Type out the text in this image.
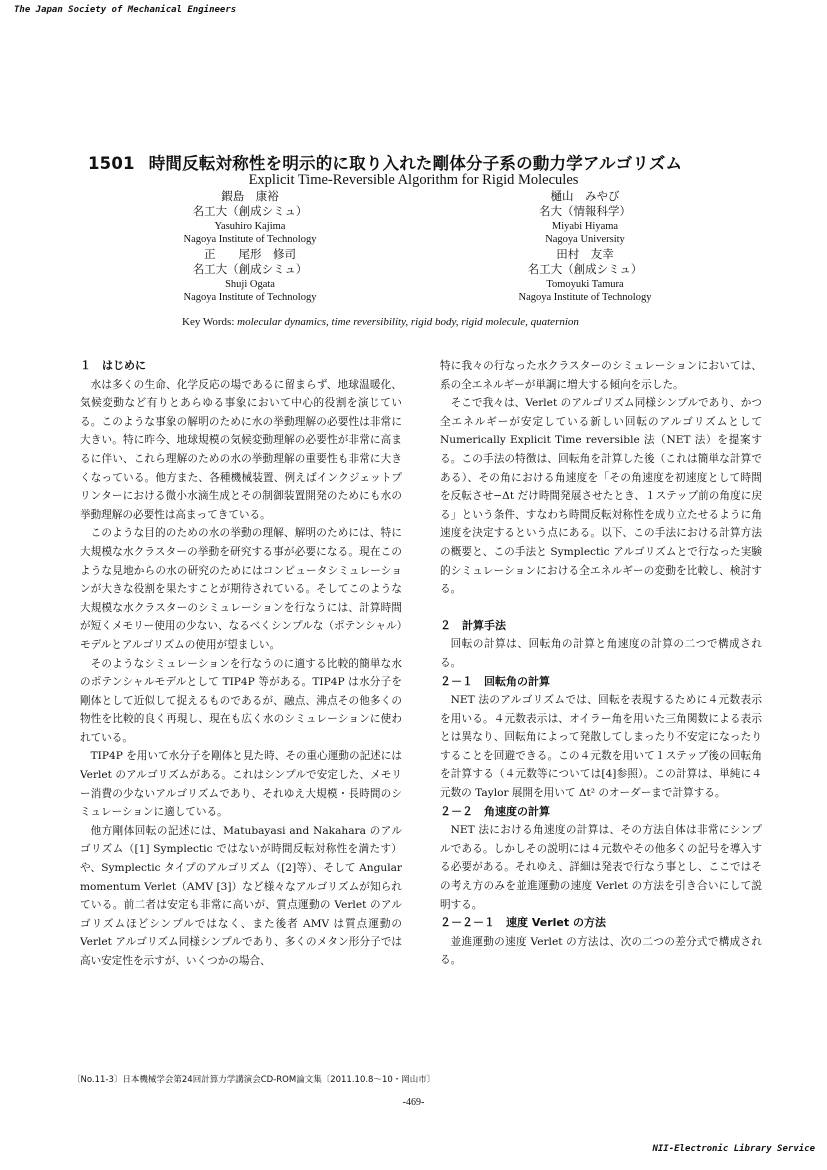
The Japan Society of Mechanical Engineers
1501 時間反転対称性を明示的に取り入れた剛体分子系の動力学アルゴリズム
Explicit Time-Reversible Algorithm for Rigid Molecules
鍜島　康裕
名工大（創成シミュ）
Yasuhiro Kajima
Nagoya Institute of Technology
正　　尾形　修司
名工大（創成シミュ）
Shuji Ogata
Nagoya Institute of Technology
樋山　みやび
名大（情報科学）
Miyabi Hiyama
Nagoya University
田村　友幸
名工大（創成シミュ）
Tomoyuki Tamura
Nagoya Institute of Technology
Key Words: molecular dynamics, time reversibility, rigid body, rigid molecule, quaternion
１　はじめに

水は多くの生命、化学反応の場であるに留まらず、地球温暖化、気候変動など有りとあらゆる事象において中心的役割を演じている。このような事象の解明のために水の挙動理解の必要性は非常に大きい。特に昨今、地球規模の気候変動理解の必要性が非常に高まるに伴い、これら理解のための水の挙動理解の重要性も非常に大きくなっている。他方また、各種機械装置、例えばインクジェットプリンターにおける微小水滴生成とその制御装置開発のためにも水の挙動理解の必要性は高まってきている。

このような目的のための水の挙動の理解、解明のためには、特に大規模な水クラスターの挙動を研究する事が必要になる。現在このような見地からの水の研究のためにはコンピュータシミュレーションが大きな役割を果たすことが期待されている。そしてこのような大規模な水クラスターのシミュレーションを行なうには、計算時間が短くメモリー使用の少ない、なるべくシンプルな（ポテンシャル）モデルとアルゴリズムの使用が望ましい。

そのようなシミュレーションを行なうのに適する比較的簡単な水のポテンシャルモデルとして TIP4P 等がある。TIP4P は水分子を剛体として近似して捉えるものであるが、融点、沸点その他多くの物性を比較的良く再現し、現在も広く水のシミュレーションに使われている。

TIP4P を用いて水分子を剛体と見た時、その重心運動の記述には Verlet のアルゴリズムがある。これはシンプルで安定した、メモリー消費の少ないアルゴリズムであり、それゆえ大規模・長時間のシミュレーションに適している。

他方剛体回転の記述には、Matubayasi and Nakahara のアルゴリズム（[1] Symplectic ではないが時間反転対称性を満たす）や、Symplectic タイプのアルゴリズム（[2]等）、そして Angular momentum Verlet（AMV [3]）など様々なアルゴリズムが知られている。前二者は安定も非常に高いが、質点運動の Verlet のアルゴリズムほどシンプルではなく、また後者 AMV は質点運動の Verlet アルゴリズム同様シンプルであり、多くのメタン形分子では高い安定性を示すが、いくつかの場合、

特に我々の行なった水クラスターのシミュレーションにおいては、系の全エネルギーが単調に増大する傾向を示した。

そこで我々は、Verlet のアルゴリズム同様シンプルであり、かつ全エネルギーが安定している新しい回転のアルゴリズムとして Numerically Explicit Time reversible 法（NET 法）を提案する。この手法の特徴は、回転角を計算した後（これは簡単な計算である）、その角における角速度を「その角速度を初速度として時間を反転させ−Δt だけ時間発展させたとき、１ステップ前の角度に戻る」という条件、すなわち時間反転対称性を成り立たせるように角速度を決定するという点にある。以下、この手法における計算方法の概要と、この手法と Symplectic アルゴリズムとで行なった実験的シミュレーションにおける全エネルギーの変動を比較し、検討する。

２　計算手法

回転の計算は、回転角の計算と角速度の計算の二つで構成される。

２－１　回転角の計算

NET 法のアルゴリズムでは、回転を表現するために４元数表示を用いる。４元数表示は、オイラー角を用いた三角関数による表示とは異なり、回転角によって発散してしまったり不安定になったりすることを回避できる。この４元数を用いて１ステップ後の回転角を計算する（４元数等については[4]参照）。この計算は、単純に４元数の Taylor 展開を用いて Δt² のオーダーまで計算する。

２－２　角速度の計算

NET 法における角速度の計算は、その方法自体は非常にシンプルである。しかしその説明には４元数やその他多くの記号を導入する必要がある。それゆえ、詳細は発表で行なう事とし、ここではその考え方のみを並進運動の速度 Verlet の方法を引き合いにして説明する。

２－２－１　速度 Verlet の方法

並進運動の速度 Verlet の方法は、次の二つの差分式で構成される。

〔No.11-3〕日本機械学会第24回計算力学講演会CD-ROM論文集〔2011.10.8～10・岡山市〕
-469-
NII-Electronic Library Service
